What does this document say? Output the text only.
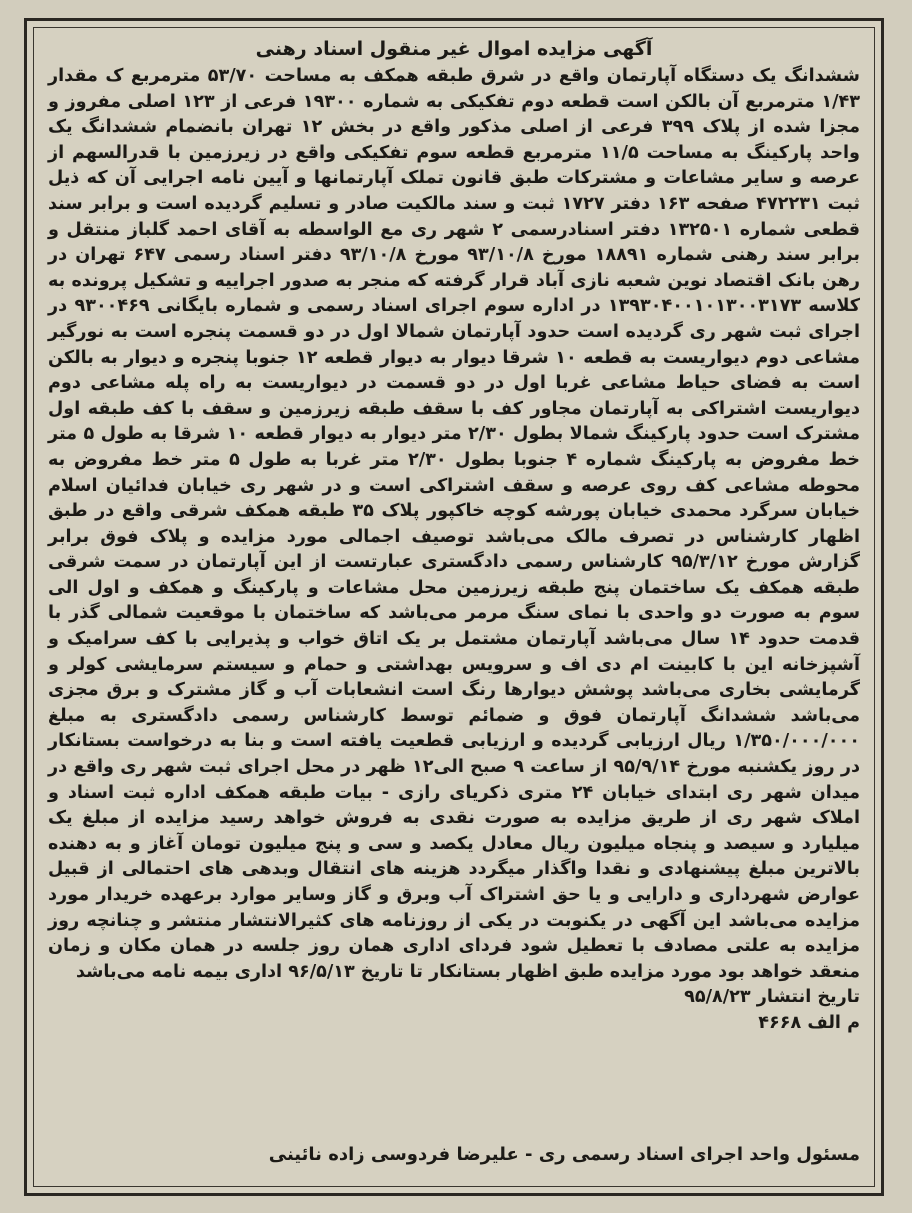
آگهی مزایده اموال غیر منقول اسناد رهنی

ششدانگ یک دستگاه آپارتمان واقع در شرق طبقه همکف به مساحت ۵۳/۷۰ مترمربع ک مقدار ۱/۴۳ مترمربع آن بالکن است قطعه دوم تفکیکی به شماره ۱۹۳۰۰ فرعی از ۱۲۳ اصلی مفروز و مجزا شده از پلاک ۳۹۹ فرعی از اصلی مذکور واقع در بخش ۱۲ تهران بانضمام ششدانگ یک واحد پارکینگ به مساحت ۱۱/۵ مترمربع قطعه سوم تفکیکی واقع در زیرزمین با قدرالسهم از عرصه و سایر مشاعات و مشترکات طبق قانون تملک آپارتمانها و آیین نامه اجرایی آن که ذیل ثبت ۴۷۲۲۳۱ صفحه ۱۶۳ دفتر ۱۷۲۷ ثبت و سند مالکیت صادر و تسلیم گردیده است و برابر سند قطعی شماره ۱۳۲۵۰۱ دفتر اسنادرسمی ۲ شهر ری مع الواسطه به آقای احمد گلباز منتقل و برابر سند رهنی شماره ۱۸۸۹۱ مورخ ۹۳/۱۰/۸ مورخ ۹۳/۱۰/۸ دفتر اسناد رسمی ۶۴۷ تهران در رهن بانک اقتصاد نوین شعبه نازی آباد قرار گرفته که منجر به صدور اجراییه و تشکیل پرونده به کلاسه ۱۳۹۳۰۴۰۰۱۰۱۳۰۰۳۱۷۳ در اداره سوم اجرای اسناد رسمی و شماره بایگانی ۹۳۰۰۴۶۹ در اجرای ثبت شهر ری گردیده است حدود آپارتمان شمالا اول در دو قسمت پنجره است به نورگیر مشاعی دوم دیواریست به قطعه ۱۰ شرقا دیوار به دیوار قطعه ۱۲ جنوبا پنجره و دیوار به بالکن است به فضای حیاط مشاعی غربا اول در دو قسمت در دیواریست به راه پله مشاعی دوم دیواریست اشتراکی به آپارتمان مجاور کف با سقف طبقه زیرزمین و سقف با کف طبقه اول مشترک است حدود پارکینگ شمالا بطول ۲/۳۰ متر دیوار به دیوار قطعه ۱۰ شرقا به طول ۵ متر خط مفروض به پارکینگ شماره ۴ جنوبا بطول ۲/۳۰ متر غربا به طول ۵ متر خط مفروض به محوطه مشاعی کف روی عرصه و سقف اشتراکی است و در شهر ری خیابان فدائیان اسلام خیابان سرگرد محمدی خیابان پورشه کوچه خاکپور پلاک ۳۵ طبقه همکف شرقی واقع در طبق اظهار کارشناس در تصرف مالک می‌باشد توصیف اجمالی مورد مزایده و پلاک فوق برابر گزارش مورخ ۹۵/۳/۱۲ کارشناس رسمی دادگستری عبارتست از این آپارتمان در سمت شرقی طبقه همکف یک ساختمان پنج طبقه زیرزمین محل مشاعات و پارکینگ و همکف و اول الی سوم به صورت دو واحدی با نمای سنگ مرمر می‌باشد که ساختمان با موقعیت شمالی گذر با قدمت حدود ۱۴ سال می‌باشد آپارتمان مشتمل بر یک اتاق خواب و پذیرایی با کف سرامیک و آشپزخانه این با کابینت ام دی اف و سرویس بهداشتی و حمام و سیستم سرمایشی کولر و گرمایشی بخاری می‌باشد پوشش دیوارها رنگ است انشعابات آب و گاز مشترک و برق مجزی می‌باشد ششدانگ آپارتمان فوق و ضمائم توسط کارشناس رسمی دادگستری به مبلغ ۱/۳۵۰/۰۰۰/۰۰۰ ریال ارزیابی گردیده و ارزیابی قطعیت یافته است و بنا به درخواست بستانکار در روز یکشنبه مورخ ۹۵/۹/۱۴ از ساعت ۹ صبح الی۱۲ ظهر در محل اجرای ثبت شهر ری واقع در میدان شهر ری ابتدای خیابان ۲۴ متری ذکریای رازی - بیات طبقه همکف اداره ثبت اسناد و املاک شهر ری از طریق مزایده به صورت نقدی به فروش خواهد رسید مزایده از مبلغ یک میلیارد و سیصد و پنجاه میلیون ریال معادل یکصد و سی و پنج میلیون تومان آغاز و به دهنده بالاترین مبلغ پیشنهادی و نقدا واگذار میگردد هزینه های انتقال وبدهی های احتمالی از قبیل عوارض شهرداری و دارایی و یا حق اشتراک آب وبرق و گاز وسایر موارد برعهده خریدار مورد مزایده می‌باشد این آگهی در یکنوبت در یکی از روزنامه های کثیرالانتشار منتشر و چنانچه روز مزایده به علتی مصادف با تعطیل شود فردای اداری همان روز جلسه در همان مکان و زمان منعقد خواهد بود مورد مزایده طبق اظهار بستانکار تا تاریخ ۹۶/۵/۱۳ اداری بیمه نامه می‌باشد

تاریخ انتشار ۹۵/۸/۲۳

م الف ۴۶۶۸

مسئول واحد اجرای اسناد رسمی ری - علیرضا فردوسی زاده نائینی
